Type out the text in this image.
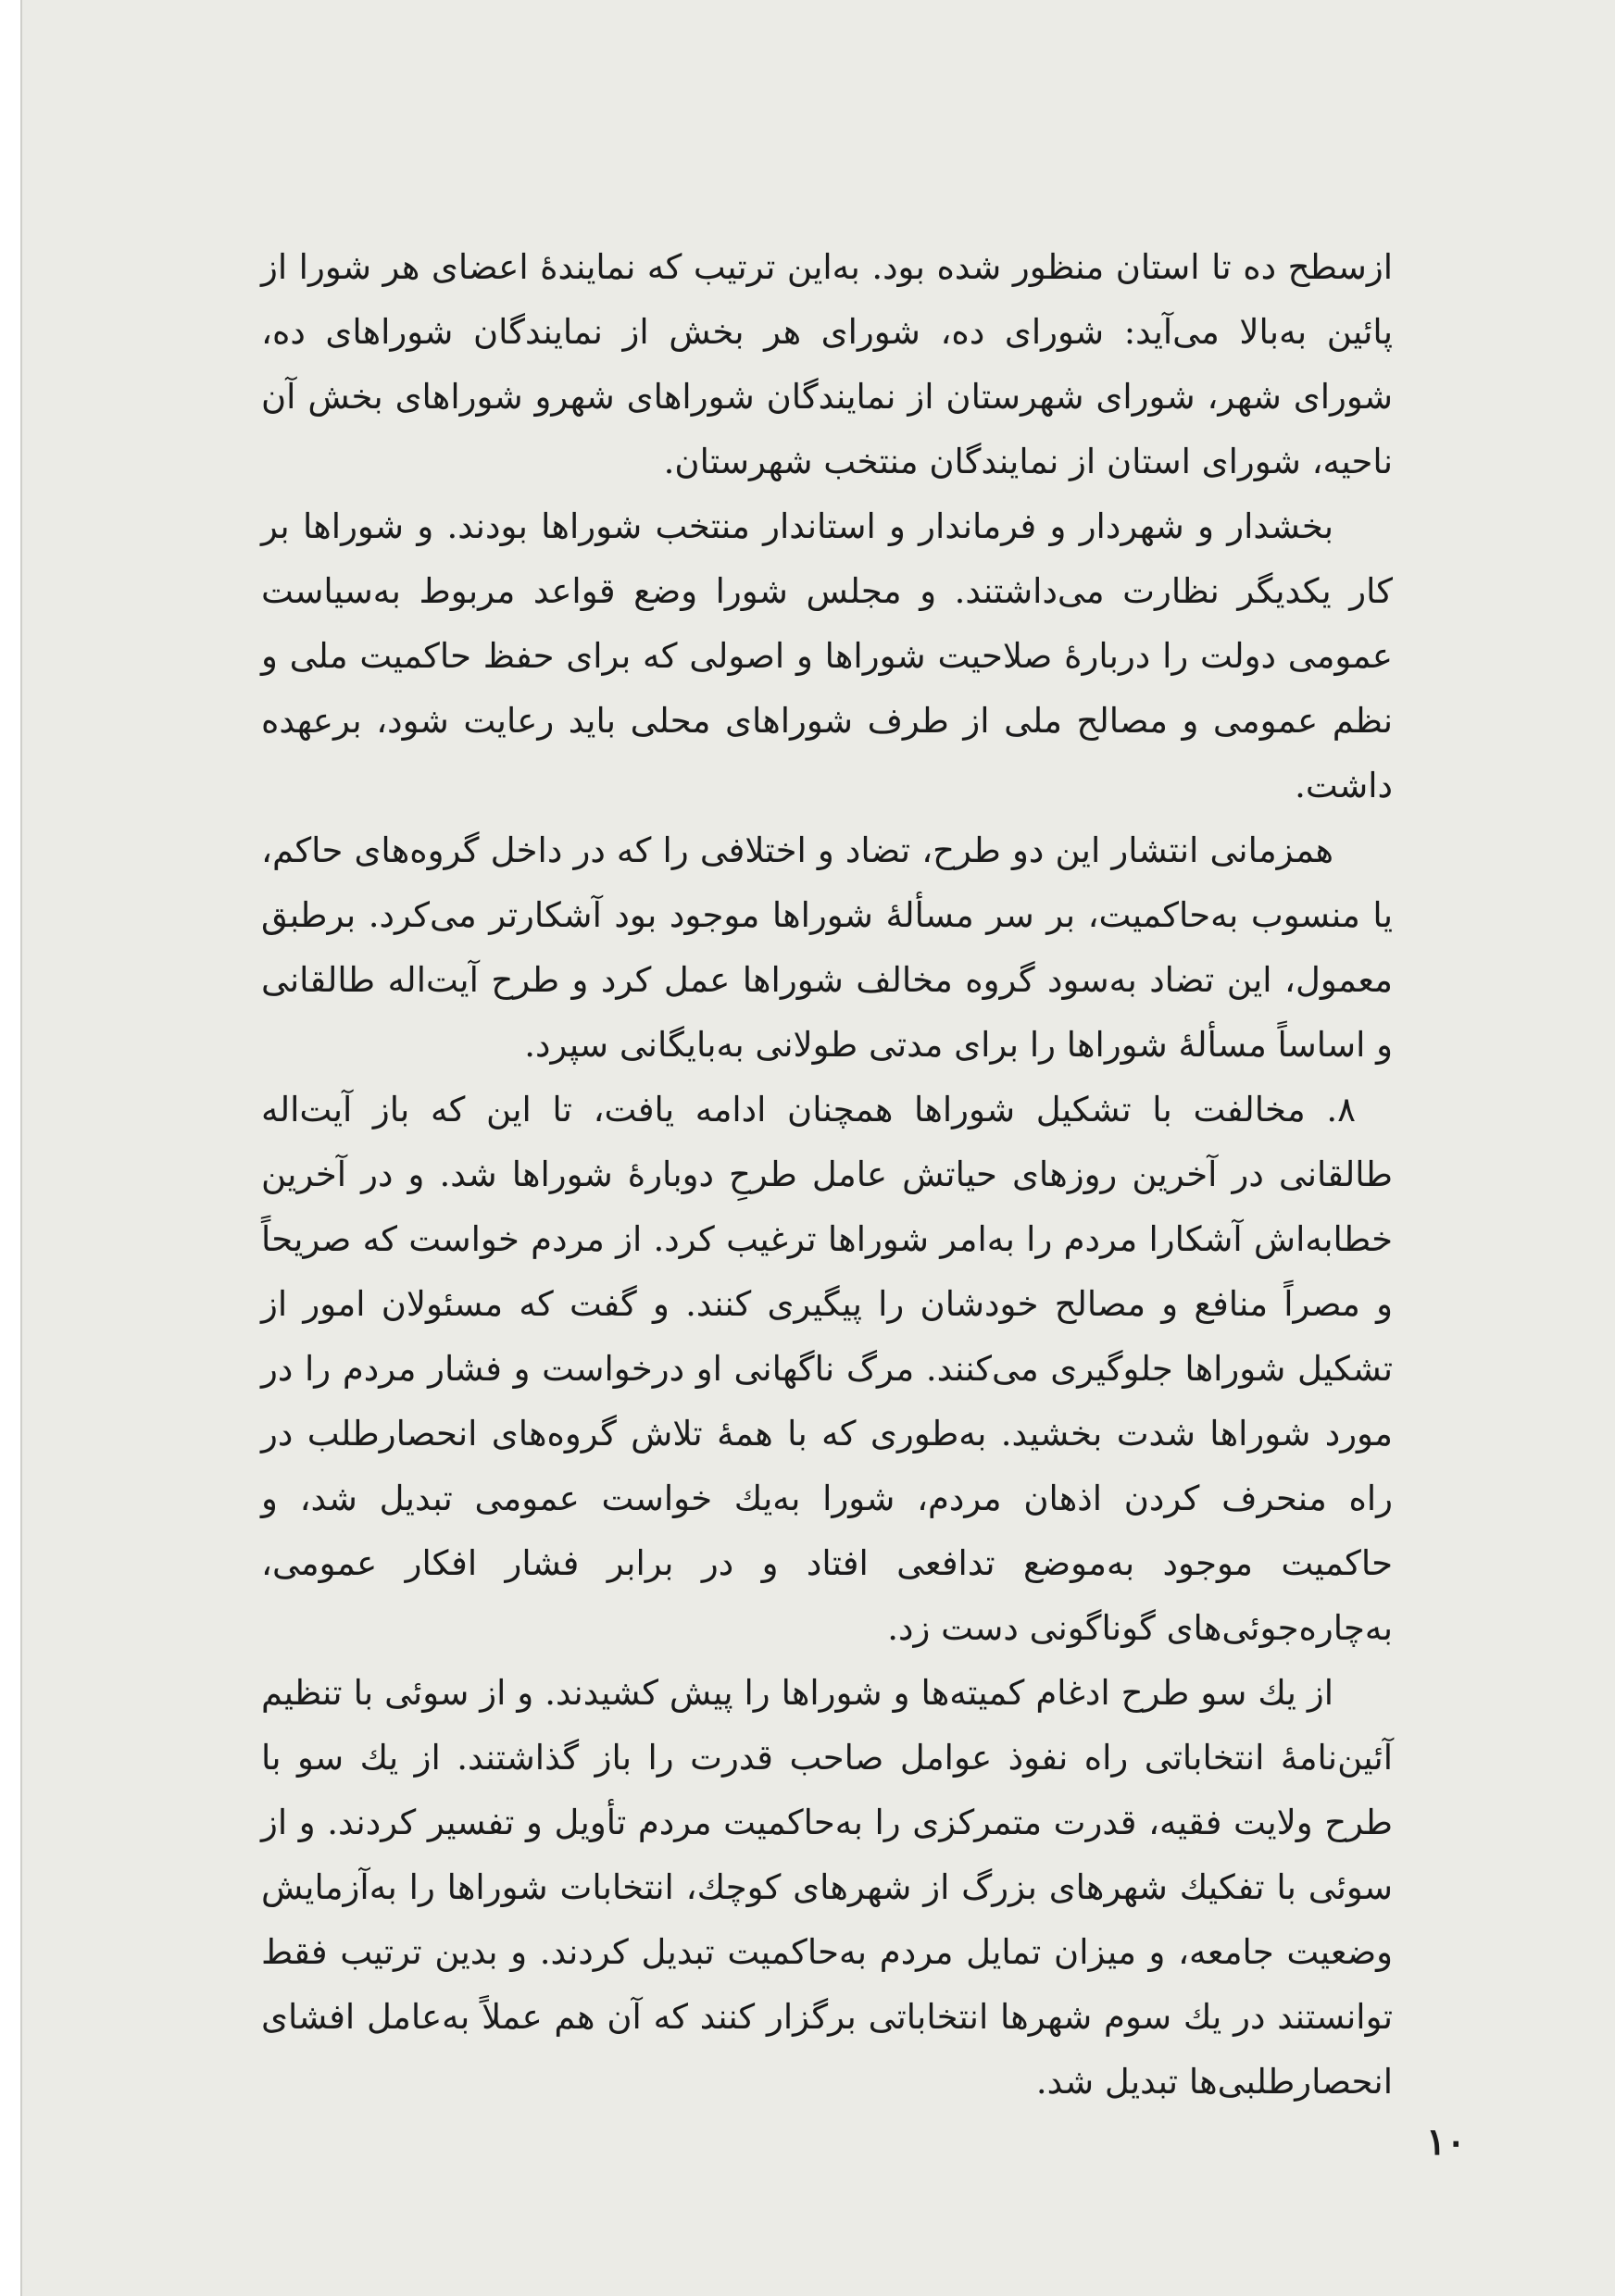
ازسطح ده تا استان منظور شده بود. به‌این ترتیب که نمایندهٔ اعضای هر شورا از پائین به‌بالا می‌آید: شورای ده، شورای هر بخش از نمایندگان شوراهای ده، شورای شهر، شورای شهرستان از نمایندگان شوراهای شهرو شوراهای بخش آن ناحیه، شورای استان از نمایندگان منتخب شهرستان.

بخشدار و شهردار و فرماندار و استاندار منتخب شوراها بودند. و شوراها بر کار یکدیگر نظارت می‌داشتند. و مجلس شورا وضع قواعد مربوط به‌سیاست عمومی دولت را دربارهٔ صلاحیت شوراها و اصولی که برای حفظ حاکمیت ملی و نظم عمومی و مصالح ملی از طرف شوراهای محلی باید رعایت شود، برعهده داشت.

همزمانی انتشار این دو طرح، تضاد و اختلافی را که در داخل گروه‌های حاکم، یا منسوب به‌حاکمیت، بر سر مسألهٔ شوراها موجود بود آشکارتر می‌کرد. برطبق معمول، این تضاد به‌سود گروه مخالف شوراها عمل کرد و طرح آیت‌اله طالقانی و اساساً مسألهٔ شوراها را برای مدتی طولانی به‌بایگانی سپرد.

۸. مخالفت با تشکیل شوراها همچنان ادامه یافت، تا این که باز آیت‌اله طالقانی در آخرین روزهای حیاتش عامل طرحِ دوبارهٔ شوراها شد. و در آخرین خطابه‌اش آشکارا مردم را به‌امر شوراها ترغیب کرد. از مردم خواست که صریحاً و مصراً منافع و مصالح خودشان را پیگیری کنند. و گفت که مسئولان امور از تشکیل شوراها جلوگیری می‌کنند. مرگ ناگهانی او درخواست و فشار مردم را در مورد شوراها شدت بخشید. به‌طوری که با همهٔ تلاش گروه‌های انحصارطلب در راه منحرف کردن اذهان مردم، شورا به‌یك خواست عمومی تبدیل شد، و حاکمیت موجود به‌موضع تدافعی افتاد و در برابر فشار افکار عمومی، به‌چاره‌جوئی‌های گوناگونی دست زد.

از یك سو طرح ادغام کمیته‌ها و شوراها را پیش کشیدند. و از سوئی با تنظیم آئین‌نامهٔ انتخاباتی راه نفوذ عوامل صاحب قدرت را باز گذاشتند. از یك سو با طرح ولایت فقیه، قدرت متمرکزی را به‌حاکمیت مردم تأویل و تفسیر کردند. و از سوئی با تفکیك شهرهای بزرگ از شهرهای کوچك، انتخابات شوراها را به‌آزمایش وضعیت جامعه، و میزان تمایل مردم به‌حاکمیت تبدیل کردند. و بدین ترتیب فقط توانستند در یك سوم شهرها انتخاباتی برگزار کنند که آن هم عملاً به‌عامل افشای انحصارطلبی‌ها تبدیل شد.

۱۰
